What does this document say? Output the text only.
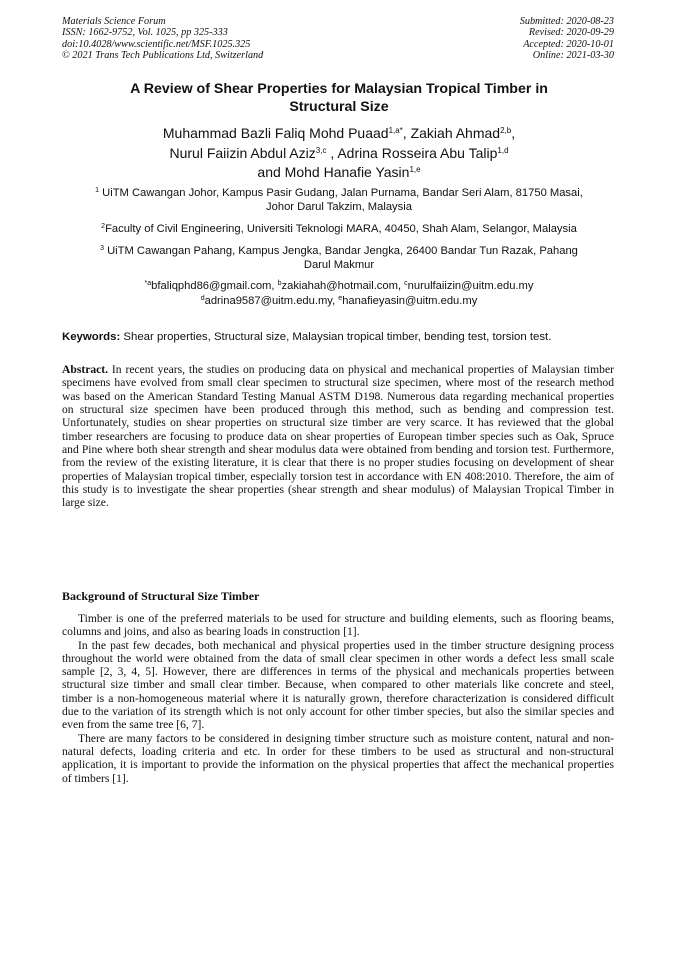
Materials Science Forum
ISSN: 1662-9752, Vol. 1025, pp 325-333
doi:10.4028/www.scientific.net/MSF.1025.325
© 2021 Trans Tech Publications Ltd, Switzerland
Submitted: 2020-08-23
Revised: 2020-09-29
Accepted: 2020-10-01
Online: 2021-03-30
A Review of Shear Properties for Malaysian Tropical Timber in
Structural Size
Muhammad Bazli Faliq Mohd Puaad$^{1,a*}$, Zakiah Ahmad$^{2,b}$,
Nurul Faiizin Abdul Aziz$^{3,c}$ , Adrina Rosseira Abu Talip$^{1,d}$
and Mohd Hanafie Yasin$^{1,e}$
$^1$ UiTM Cawangan Johor, Kampus Pasir Gudang, Jalan Purnama, Bandar Seri Alam, 81750 Masai,
Johor Darul Takzim, Malaysia
$^2$Faculty of Civil Engineering, Universiti Teknologi MARA, 40450, Shah Alam, Selangor, Malaysia
$^3$ UiTM Cawangan Pahang, Kampus Jengka, Bandar Jengka, 26400 Bandar Tun Razak, Pahang
Darul Makmur
$^{*a}$bfaliqphd86@gmail.com, $^b$zakiahah@hotmail.com, $^c$nurulfaiizin@uitm.edu.my
$^d$adrina9587@uitm.edu.my, $^e$hanafieyasin@uitm.edu.my
Keywords: Shear properties, Structural size, Malaysian tropical timber, bending test, torsion test.

Abstract. In recent years, the studies on producing data on physical and mechanical properties of Malaysian timber specimens have evolved from small clear specimen to structural size specimen, where most of the research method was based on the American Standard Testing Manual ASTM D198. Numerous data regarding mechanical properties on structural size specimen have been produced through this method, such as bending and compression test. Unfortunately, studies on shear properties on structural size timber are very scarce. It has reviewed that the global timber researchers are focusing to produce data on shear properties of European timber species such as Oak, Spruce and Pine where both shear strength and shear modulus data were obtained from bending and torsion test. Furthermore, from the review of the existing literature, it is clear that there is no proper studies focusing on development of shear properties of Malaysian tropical timber, especially torsion test in accordance with EN 408:2010. Therefore, the aim of this study is to investigate the shear properties (shear strength and shear modulus) of Malaysian Tropical Timber in large size.

Background of Structural Size Timber

Timber is one of the preferred materials to be used for structure and building elements, such as flooring beams, columns and joins, and also as bearing loads in construction [1].

In the past few decades, both mechanical and physical properties used in the timber structure designing process throughout the world were obtained from the data of small clear specimen in other words a defect less small scale sample [2, 3, 4, 5]. However, there are differences in terms of the physical and mechanicals properties between structural size timber and small clear timber. Because, when compared to other materials like concrete and steel, timber is a non-homogeneous material where it is naturally grown, therefore characterization is considered difficult due to the variation of its strength which is not only account for other timber species, but also the similar species and even from the same tree [6, 7].

There are many factors to be considered in designing timber structure such as moisture content, natural and non-natural defects, loading criteria and etc. In order for these timbers to be used as structural and non-structural application, it is important to provide the information on the physical properties that affect the mechanical properties of timbers [1].
